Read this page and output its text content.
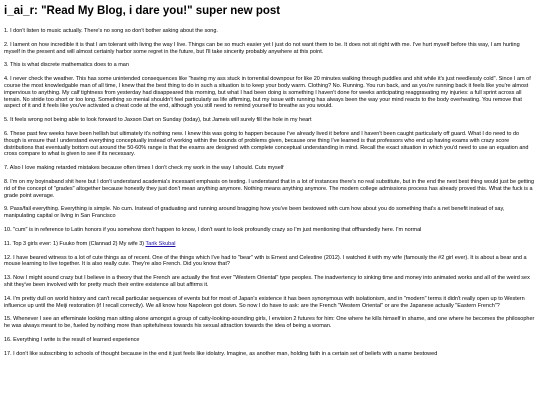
i_ai_r: "Read My Blog, i dare you!" super new post

1. I don't listen to music actually. There's no song so don't bother asking about the song.

2. I lament on how incredible it is that I am tolerant with living the way I live. Things can be so much easier yet I just do not want them to be. It does not sit right with me. I've hurt myself before this way, I am hurting myself in the present and will almost certainly harbor some regret in the future, but I'll take sincerity probably anywhere at this point.

3. This is what discrete mathematics does to a man

4. I never check the weather. This has some unintended consequences like "having my ass stuck in torrential downpour for like 20 minutes walking through puddles and shit while it's just needlessly cold". Since I am of course the most knowledgable man of all time, I knew that the best thing to do in such a situation is to keep your body warm. Clothing? No. Running. You run back, and as you're running back it feels like you're almost impervious to anything. My calf tightness from yesterday had disappeared this morning, but what I had been doing is something I haven't done for weeks anticipating reaggravating my injuries: a full sprint across all terrain. No stride too short or too long. Something so menial shouldn't feel particularly as life affirming, but my issue with running has always been the way your mind reacts to the body overheating. You remove that aspect of it and it feels like you've activated a cheat code at the end, although you still need to remind yourself to breathe as you would.

5. It feels wrong not being able to look forward to Jaxson Dart on Sunday (today), but Jameis will surely fill the hole in my heart

6. These past few weeks have been hellish but ultimately it's nothing new. I knew this was going to happen because I've already lived it before and I haven't been caught particularly off guard. What I do need to do though is ensure that I understand everything conceptually instead of working within the bounds of problems given, because one thing I've learned is that professors who end up having exams with crazy score distributions that eventually bottom out around the 50-60% range is that the exams are designed with complete conceptual understanding in mind. Recall the exact situation in which you'd need to use an equation and cross compare to what is given to see if its necessary.

7. Also I love making retarded mistakes because often times I don't check my work in the way I should. Cuts myself

8. I'm on my boyinaband shit here but I don't understand academia's incessant emphasis on testing. I understand that in a lot of instances there's no real substitute, but in the end the next best thing would just be getting rid of the concept of "grades" altogether because honestly they just don't mean anything anymore. Nothing means anything anymore. The modern college admissions process has already proved this. What the fuck is a grade point average.

9. Pass/fail everything. Everything is simple. No cum. Instead of graduating and running around bragging how you've been bestowed with cum how about you do something that's a net benefit instead of say, manipulating capital or living in San Francisco

10. "cum" is in reference to Latin honors if you somehow don't happen to know, I don't want to look profoundly crazy so I'm just mentioning that offhandedly here. I'm normal

11. Top 3 girls ever: 1) Fuuko from (Clannad 2) My wife 3) Tarik Skubal

12. I have beared witness to a lot of cute things as of recent. One of the things which I've had to "bear" with is Ernest and Celestine (2012). I watched it with my wife (famously the #2 girl ever). It is about a bear and a mouse learning to live together. It is also really cute. They're also French. Did you know that?

13. Now I might sound crazy but I believe in a theory that the French are actually the first ever "Western Oriental" type peoples. The inadvertency to sinking time and money into animated works and all of the weird sex shit they've been involved with for pretty much their entire existence all but affirms it.

14. I'm pretty dull on world history and can't recall particular sequences of events but for most of Japan's existence it has been synonymous with isolationism, and in "modern" terms it didn't really open up to Western influence up until the Meiji restoration (if I recall correctly). We all know how Napoleon got down. So now I do have to ask: are the French "Western Oriental" or are the Japanese actually "Eastern French"?

15. Whenever I see an effeminate looking man sitting alone amongst a group of catty-looking-sounding girls, I envision 2 futures for him: One where he kills himself in shame, and one where he becomes the philosopher he was always meant to be, fueled by nothing more than spitefulness towards his sexual attraction towards the idea of being a woman.

16. Everything I write is the result of learned experience

17. I don't like subscribing to schools of thought because in the end it just feels like idolatry. Imagine, as another man, holding faith in a certain set of beliefs with a name bestowed
